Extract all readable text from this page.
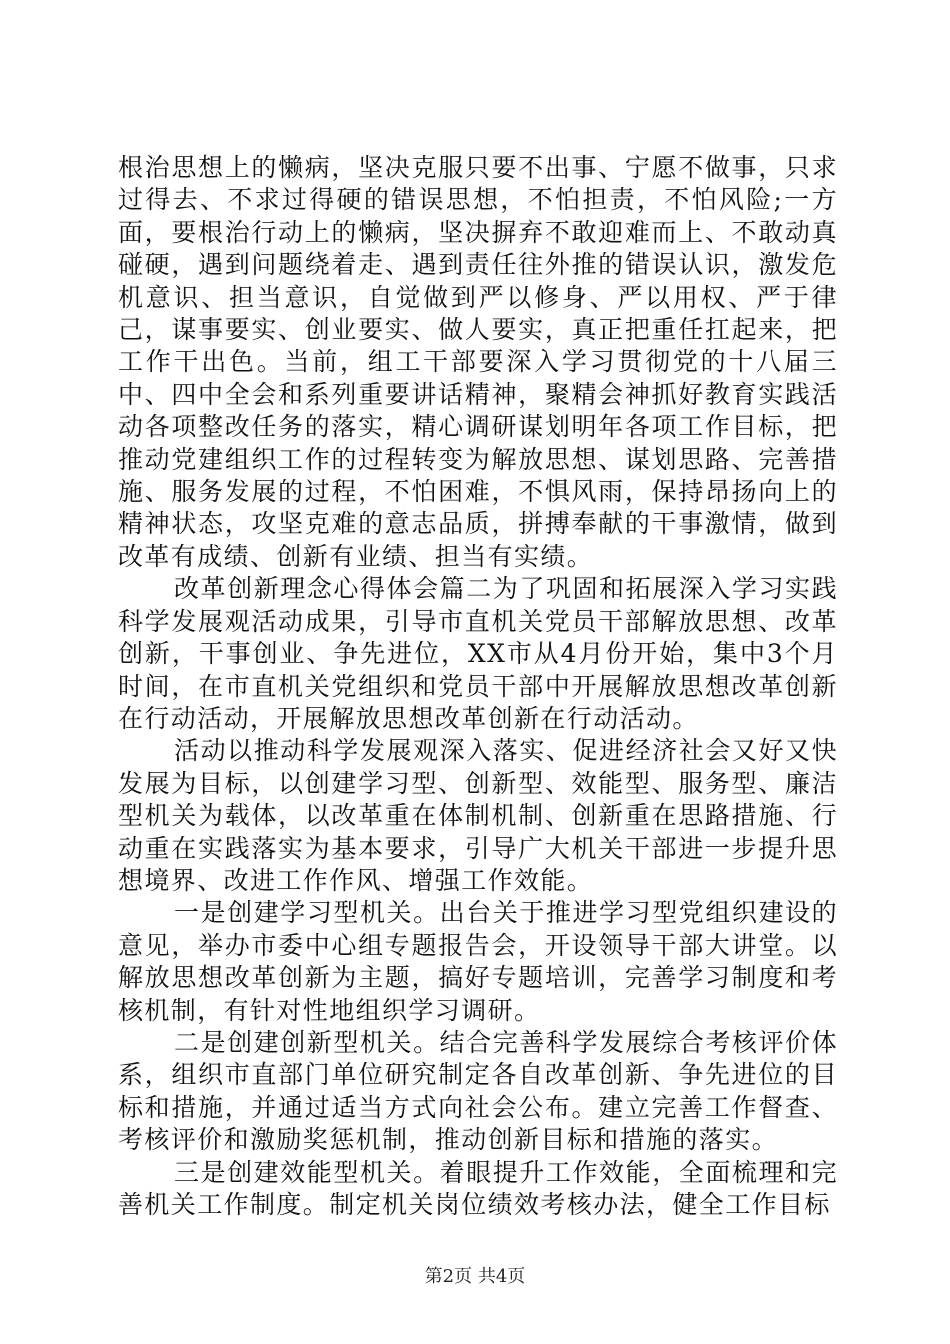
根治思想上的懒病，坚决克服只要不出事、宁愿不做事，只求过得去、不求过得硬的错误思想，不怕担责，不怕风险;一方面，要根治行动上的懒病，坚决摒弃不敢迎难而上、不敢动真碰硬，遇到问题绕着走、遇到责任往外推的错误认识，激发危机意识、担当意识，自觉做到严以修身、严以用权、严于律己，谋事要实、创业要实、做人要实，真正把重任扛起来，把工作干出色。当前，组工干部要深入学习贯彻党的十八届三中、四中全会和系列重要讲话精神，聚精会神抓好教育实践活动各项整改任务的落实，精心调研谋划明年各项工作目标，把推动党建组织工作的过程转变为解放思想、谋划思路、完善措施、服务发展的过程，不怕困难，不惧风雨，保持昂扬向上的精神状态，攻坚克难的意志品质，拼搏奉献的干事激情，做到改革有成绩、创新有业绩、担当有实绩。

改革创新理念心得体会篇二为了巩固和拓展深入学习实践科学发展观活动成果，引导市直机关党员干部解放思想、改革创新，干事创业、争先进位，XX市从4月份开始，集中3个月时间，在市直机关党组织和党员干部中开展解放思想改革创新在行动活动，开展解放思想改革创新在行动活动。

活动以推动科学发展观深入落实、促进经济社会又好又快发展为目标，以创建学习型、创新型、效能型、服务型、廉洁型机关为载体，以改革重在体制机制、创新重在思路措施、行动重在实践落实为基本要求，引导广大机关干部进一步提升思想境界、改进工作作风、增强工作效能。

一是创建学习型机关。出台关于推进学习型党组织建设的意见，举办市委中心组专题报告会，开设领导干部大讲堂。以解放思想改革创新为主题，搞好专题培训，完善学习制度和考核机制，有针对性地组织学习调研。

二是创建创新型机关。结合完善科学发展综合考核评价体系，组织市直部门单位研究制定各自改革创新、争先进位的目标和措施，并通过适当方式向社会公布。建立完善工作督查、考核评价和激励奖惩机制，推动创新目标和措施的落实。

三是创建效能型机关。着眼提升工作效能，全面梳理和完善机关工作制度。制定机关岗位绩效考核办法，健全工作目标

第2页 共4页
